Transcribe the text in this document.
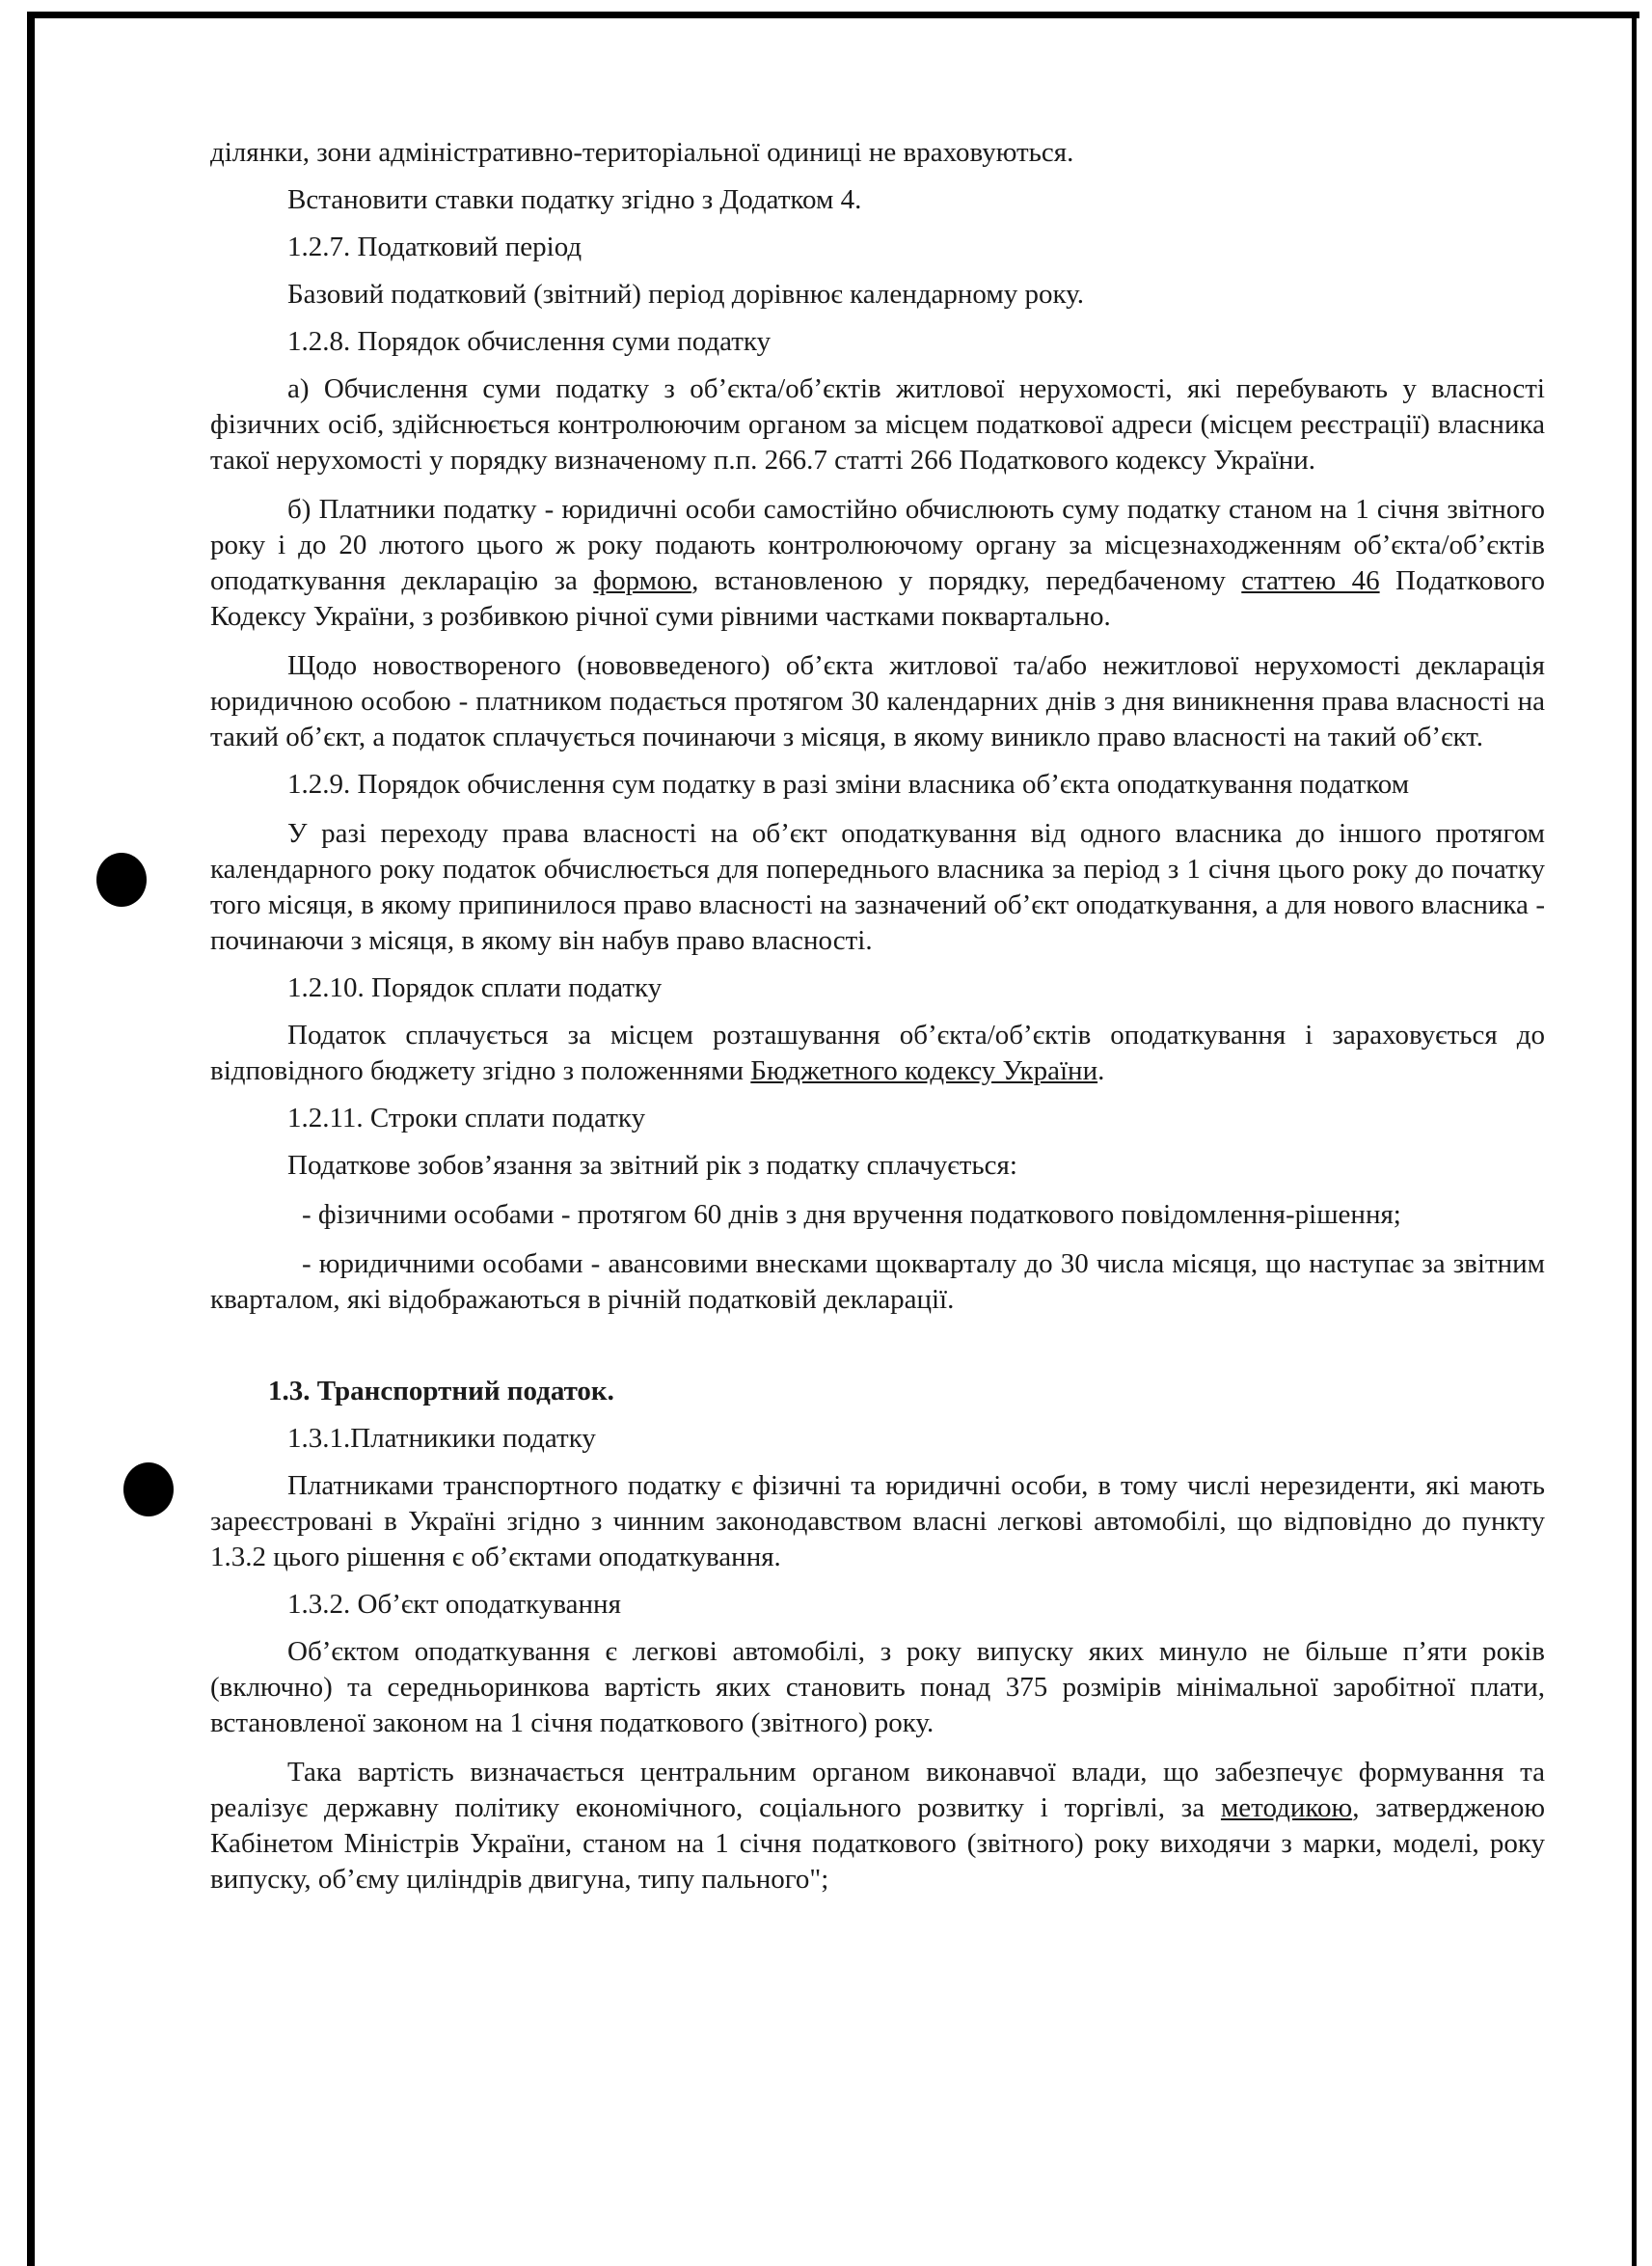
ділянки, зони адміністративно-територіальної одиниці не враховуються.

Встановити ставки податку згідно з Додатком 4.

1.2.7. Податковий період

Базовий податковий (звітний) період дорівнює календарному року.

1.2.8. Порядок обчислення суми податку

а) Обчислення суми податку з об’єкта/об’єктів житлової нерухомості, які перебувають у власності фізичних осіб, здійснюється контролюючим органом за місцем податкової адреси (місцем реєстрації) власника такої нерухомості у порядку визначеному п.п. 266.7 статті 266 Податкового кодексу України.

б) Платники податку - юридичні особи самостійно обчислюють суму податку станом на 1 січня звітного року і до 20 лютого цього ж року подають контролюючому органу за місцезнаходженням об’єкта/об’єктів оподаткування декларацію за формою, встановленою у порядку, передбаченому статтею 46 Податкового Кодексу України, з розбивкою річної суми рівними частками поквартально.

Щодо новоствореного (нововведеного) об’єкта житлової та/або нежитлової нерухомості декларація юридичною особою - платником подається протягом 30 календарних днів з дня виникнення права власності на такий об’єкт, а податок сплачується починаючи з місяця, в якому виникло право власності на такий об’єкт.

1.2.9. Порядок обчислення сум податку в разі зміни власника об’єкта оподаткування податком

У разі переходу права власності на об’єкт оподаткування від одного власника до іншого протягом календарного року податок обчислюється для попереднього власника за період з 1 січня цього року до початку того місяця, в якому припинилося право власності на зазначений об’єкт оподаткування, а для нового власника - починаючи з місяця, в якому він набув право власності.

1.2.10. Порядок сплати податку

Податок сплачується за місцем розташування об’єкта/об’єктів оподаткування і зараховується до відповідного бюджету згідно з положеннями Бюджетного кодексу України.

1.2.11. Строки сплати податку

Податкове зобов’язання за звітний рік з податку сплачується:

- фізичними особами - протягом 60 днів з дня вручення податкового повідомлення-рішення;

- юридичними особами - авансовими внесками щокварталу до 30 числа місяця, що наступає за звітним кварталом, які відображаються в річній податковій декларації.

1.3. Транспортний податок.

1.3.1.Платникики податку

Платниками транспортного податку є фізичні та юридичні особи, в тому числі нерезиденти, які мають зареєстровані в Україні згідно з чинним законодавством власні легкові автомобілі, що відповідно до пункту 1.3.2 цього рішення є об’єктами оподаткування.

1.3.2. Об’єкт оподаткування

Об’єктом оподаткування є легкові автомобілі, з року випуску яких минуло не більше п’яти років (включно) та середньоринкова вартість яких становить понад 375 розмірів мінімальної заробітної плати, встановленої законом на 1 січня податкового (звітного) року.

Така вартість визначається центральним органом виконавчої влади, що забезпечує формування та реалізує державну політику економічного, соціального розвитку і торгівлі, за методикою, затвердженою Кабінетом Міністрів України, станом на 1 січня податкового (звітного) року виходячи з марки, моделі, року випуску, об’єму циліндрів двигуна, типу пального";
